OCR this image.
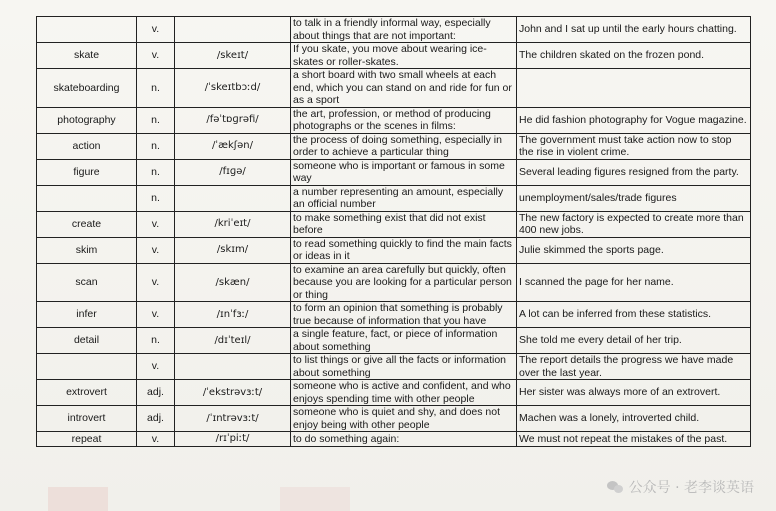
	v.		to talk in a friendly informal way, especially about things that are not important:	John and I sat up until the early hours chatting.
skate	v.	/skeɪt/	If you skate, you move about wearing ice-skates or roller-skates.	The children skated on the frozen pond.
skateboarding	n.	/ˈskeɪtbɔːd/	a short board with two small wheels at each end, which you can stand on and ride for fun or as a sport	

photography	n.	/fəˈtɒɡrəfi/	the art, profession, or method of producing photographs or the scenes in films:	He did fashion photography for Vogue magazine.
action	n.	/ˈækʃən/	the process of doing something, especially in order to achieve a particular thing	The government must take action now to stop the rise in violent crime.
figure	n.	/fɪɡə/	someone who is important or famous in some way	Several leading figures resigned from the party.
	n.		a number representing an amount, especially an official number	unemployment/sales/trade figures
create	v.	/kriˈeɪt/	to make something exist that did not exist before	The new factory is expected to create more than 400 new jobs.
skim	v.	/skɪm/	to read something quickly to find the main facts or ideas in it	Julie skimmed the sports page.
scan	v.	/skæn/	to examine an area carefully but quickly, often because you are looking for a particular person or thing	I scanned the page for her name.
infer	v.	/ɪnˈfɜː/	to form an opinion that something is probably true because of information that you have	A lot can be inferred from these statistics.
detail	n.	/dɪˈteɪl/	a single feature, fact, or piece of information about something	She told me every detail of her trip.
	v.		to list things or give all the facts or information about something	The report details the progress we have made over the last year.
extrovert	adj.	/ˈekstrəvɜːt/	someone who is active and confident, and who enjoys spending time with other people	Her sister was always more of an extrovert.
introvert	adj.	/ˈɪntrəvɜːt/	someone who is quiet and shy, and does not enjoy being with other people	Machen was a lonely, introverted child.
repeat	v.	/rɪˈpiːt/	to do something again:	We must not repeat the mistakes of the past.
公众号 · 老李谈英语
